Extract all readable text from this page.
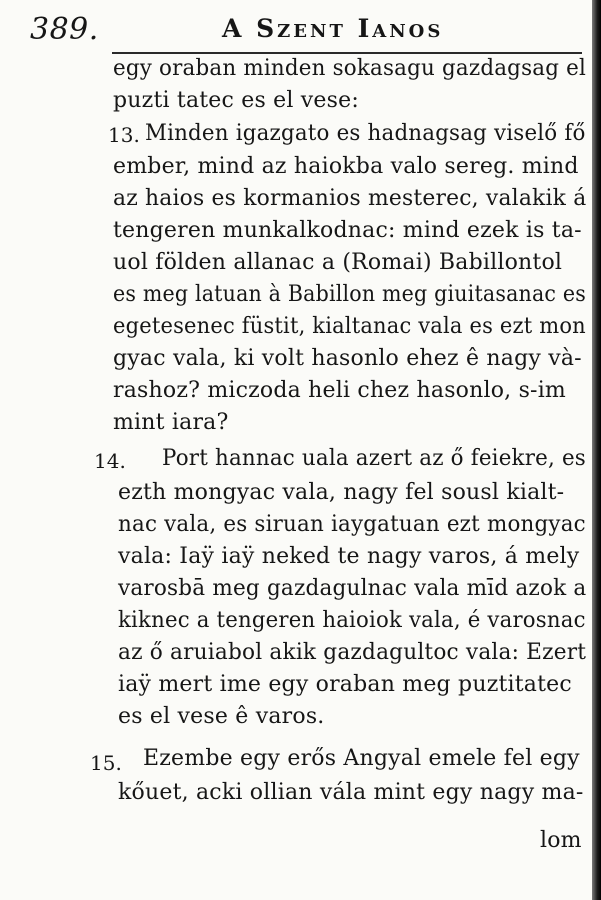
389.	A Szent Ianos
egy oraban minden sokasagu gazdagsag el
puzti tatec es el vese:
13. Minden igazgato es hadnagsag viselő fő
ember, mind az haiokba valo sereg. mind
az haios es kormanios mesterec, valakik á
tengeren munkalkodnac: mind ezek is ta-
uol földen allanac a (Romai) Babillontol
es meg latuan à Babillon meg giuitasanac es
egetesenec füstit, kialtanac vala es ezt mon
gyac vala, ki volt hasonlo ehez ê nagy và-
rashoz? miczoda heli chez hasonlo, s-im
mint iara?
14. Port hannac uala azert az ő feiekre, es
ezth mongyac vala, nagy fel sousl kialt-
nac vala, es siruan iaygatuan ezt mongyac
vala: Iaÿ iaÿ neked te nagy varos, á mely
varosbā meg gazdagulnac vala mīd azok a
kiknec a tengeren haioiok vala, é varosnac
az ő aruiabol akik gazdagultoc vala: Ezert
iaÿ mert ime egy oraban meg puztitatec
es el vese ê varos.
15. Ezembe egy erős Angyal emele fel egy
kőuet, acki ollian vála mint egy nagy ma-
lom
